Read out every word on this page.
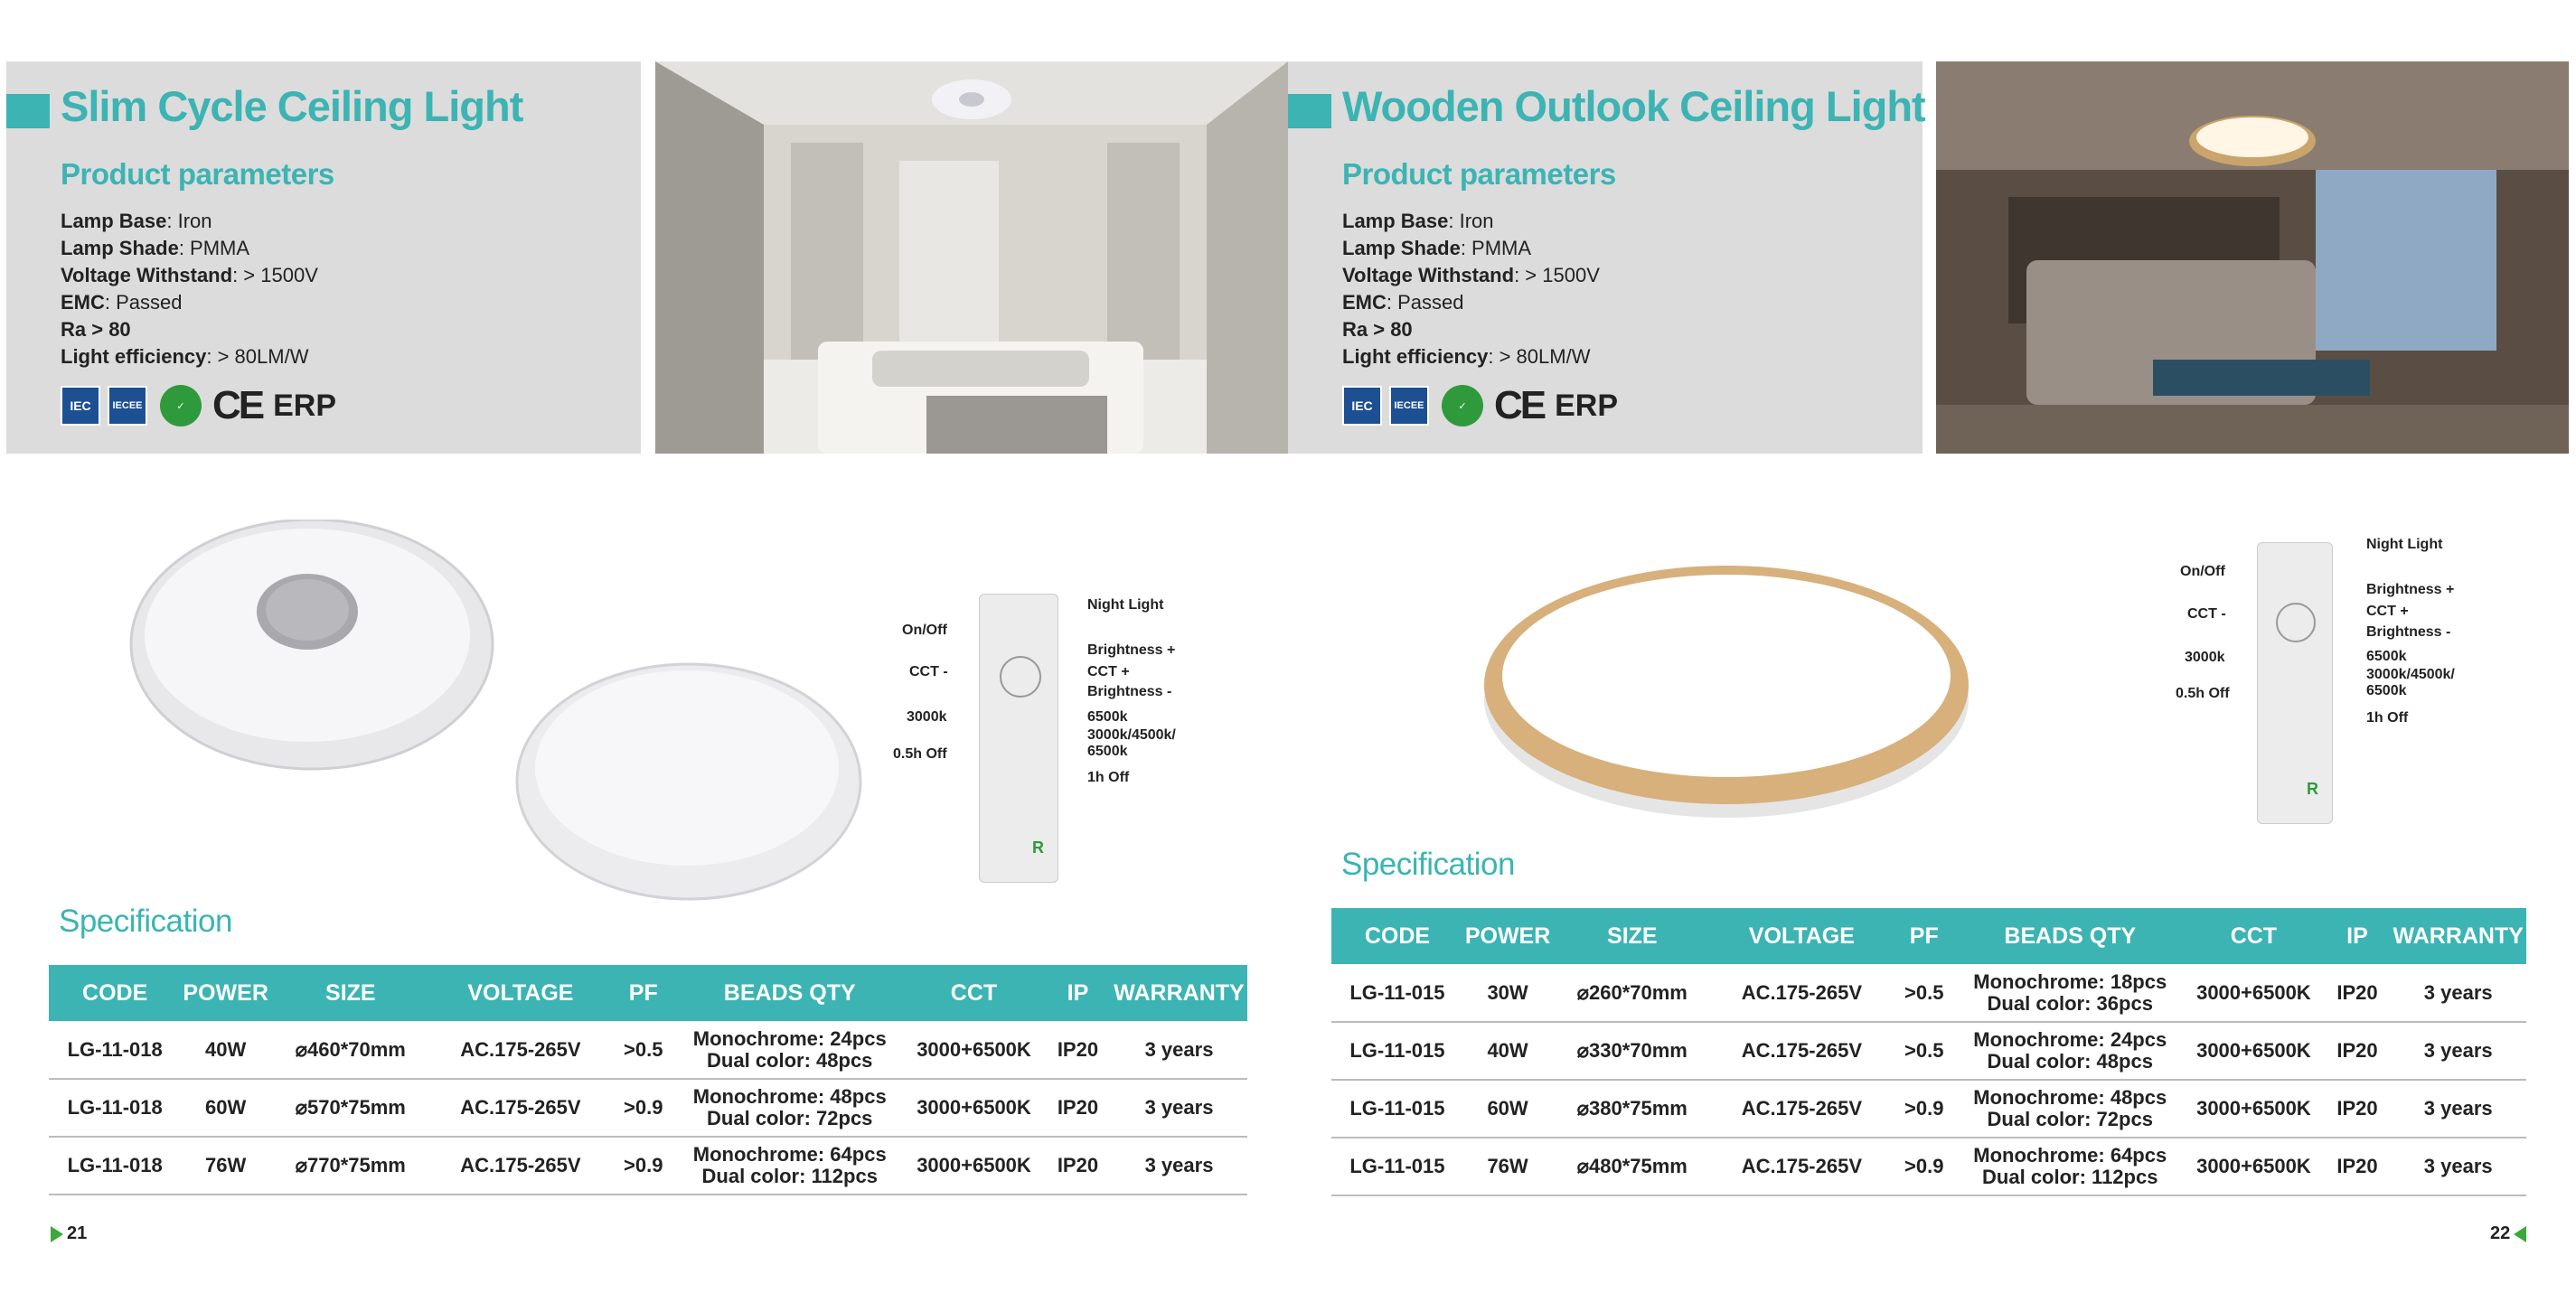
Slim Cycle Ceiling Light
Product parameters
Lamp Base: Iron
Lamp Shade: PMMA
Voltage Withstand: > 1500V
EMC: Passed
Ra > 80
Light efficiency: > 80LM/W
IEC	IECEE	✓ CE ERP
R
Night Light
On/Off
Brightness +
CCT -	CCT +
Brightness -
3000k	6500k
3000k/4500k/
6500k
0.5h Off
1h Off
Specification
CODE	POWER	SIZE	VOLTAGE	PF	BEADS QTY	CCT	IP	WARRANTY
LG-11-018	40W	⌀460*70mm	AC.175-265V	>0.5	Monochrome: 24pcs
Dual color: 48pcs	3000+6500K	IP20	3 years
LG-11-018	60W	⌀570*75mm	AC.175-265V	>0.9	Monochrome: 48pcs
Dual color: 72pcs	3000+6500K	IP20	3 years
LG-11-018	76W	⌀770*75mm	AC.175-265V	>0.9	Monochrome: 64pcs
Dual color: 112pcs	3000+6500K	IP20	3 years
21
Wooden Outlook Ceiling Light
Product parameters
Lamp Base: Iron
Lamp Shade: PMMA
Voltage Withstand: > 1500V
EMC: Passed
Ra > 80
Light efficiency: > 80LM/W
IEC	IECEE	✓ CE ERP
R
Night Light
On/Off
Brightness +
CCT -	CCT +
Brightness -
3000k	6500k
3000k/4500k/
6500k
0.5h Off
1h Off
Specification
CODE	POWER	SIZE	VOLTAGE	PF	BEADS QTY	CCT	IP	WARRANTY
LG-11-015	30W	⌀260*70mm	AC.175-265V	>0.5	Monochrome: 18pcs
Dual color: 36pcs	3000+6500K	IP20	3 years
LG-11-015	40W	⌀330*70mm	AC.175-265V	>0.5	Monochrome: 24pcs
Dual color: 48pcs	3000+6500K	IP20	3 years
LG-11-015	60W	⌀380*75mm	AC.175-265V	>0.9	Monochrome: 48pcs
Dual color: 72pcs	3000+6500K	IP20	3 years
LG-11-015	76W	⌀480*75mm	AC.175-265V	>0.9	Monochrome: 64pcs
Dual color: 112pcs	3000+6500K	IP20	3 years
22
